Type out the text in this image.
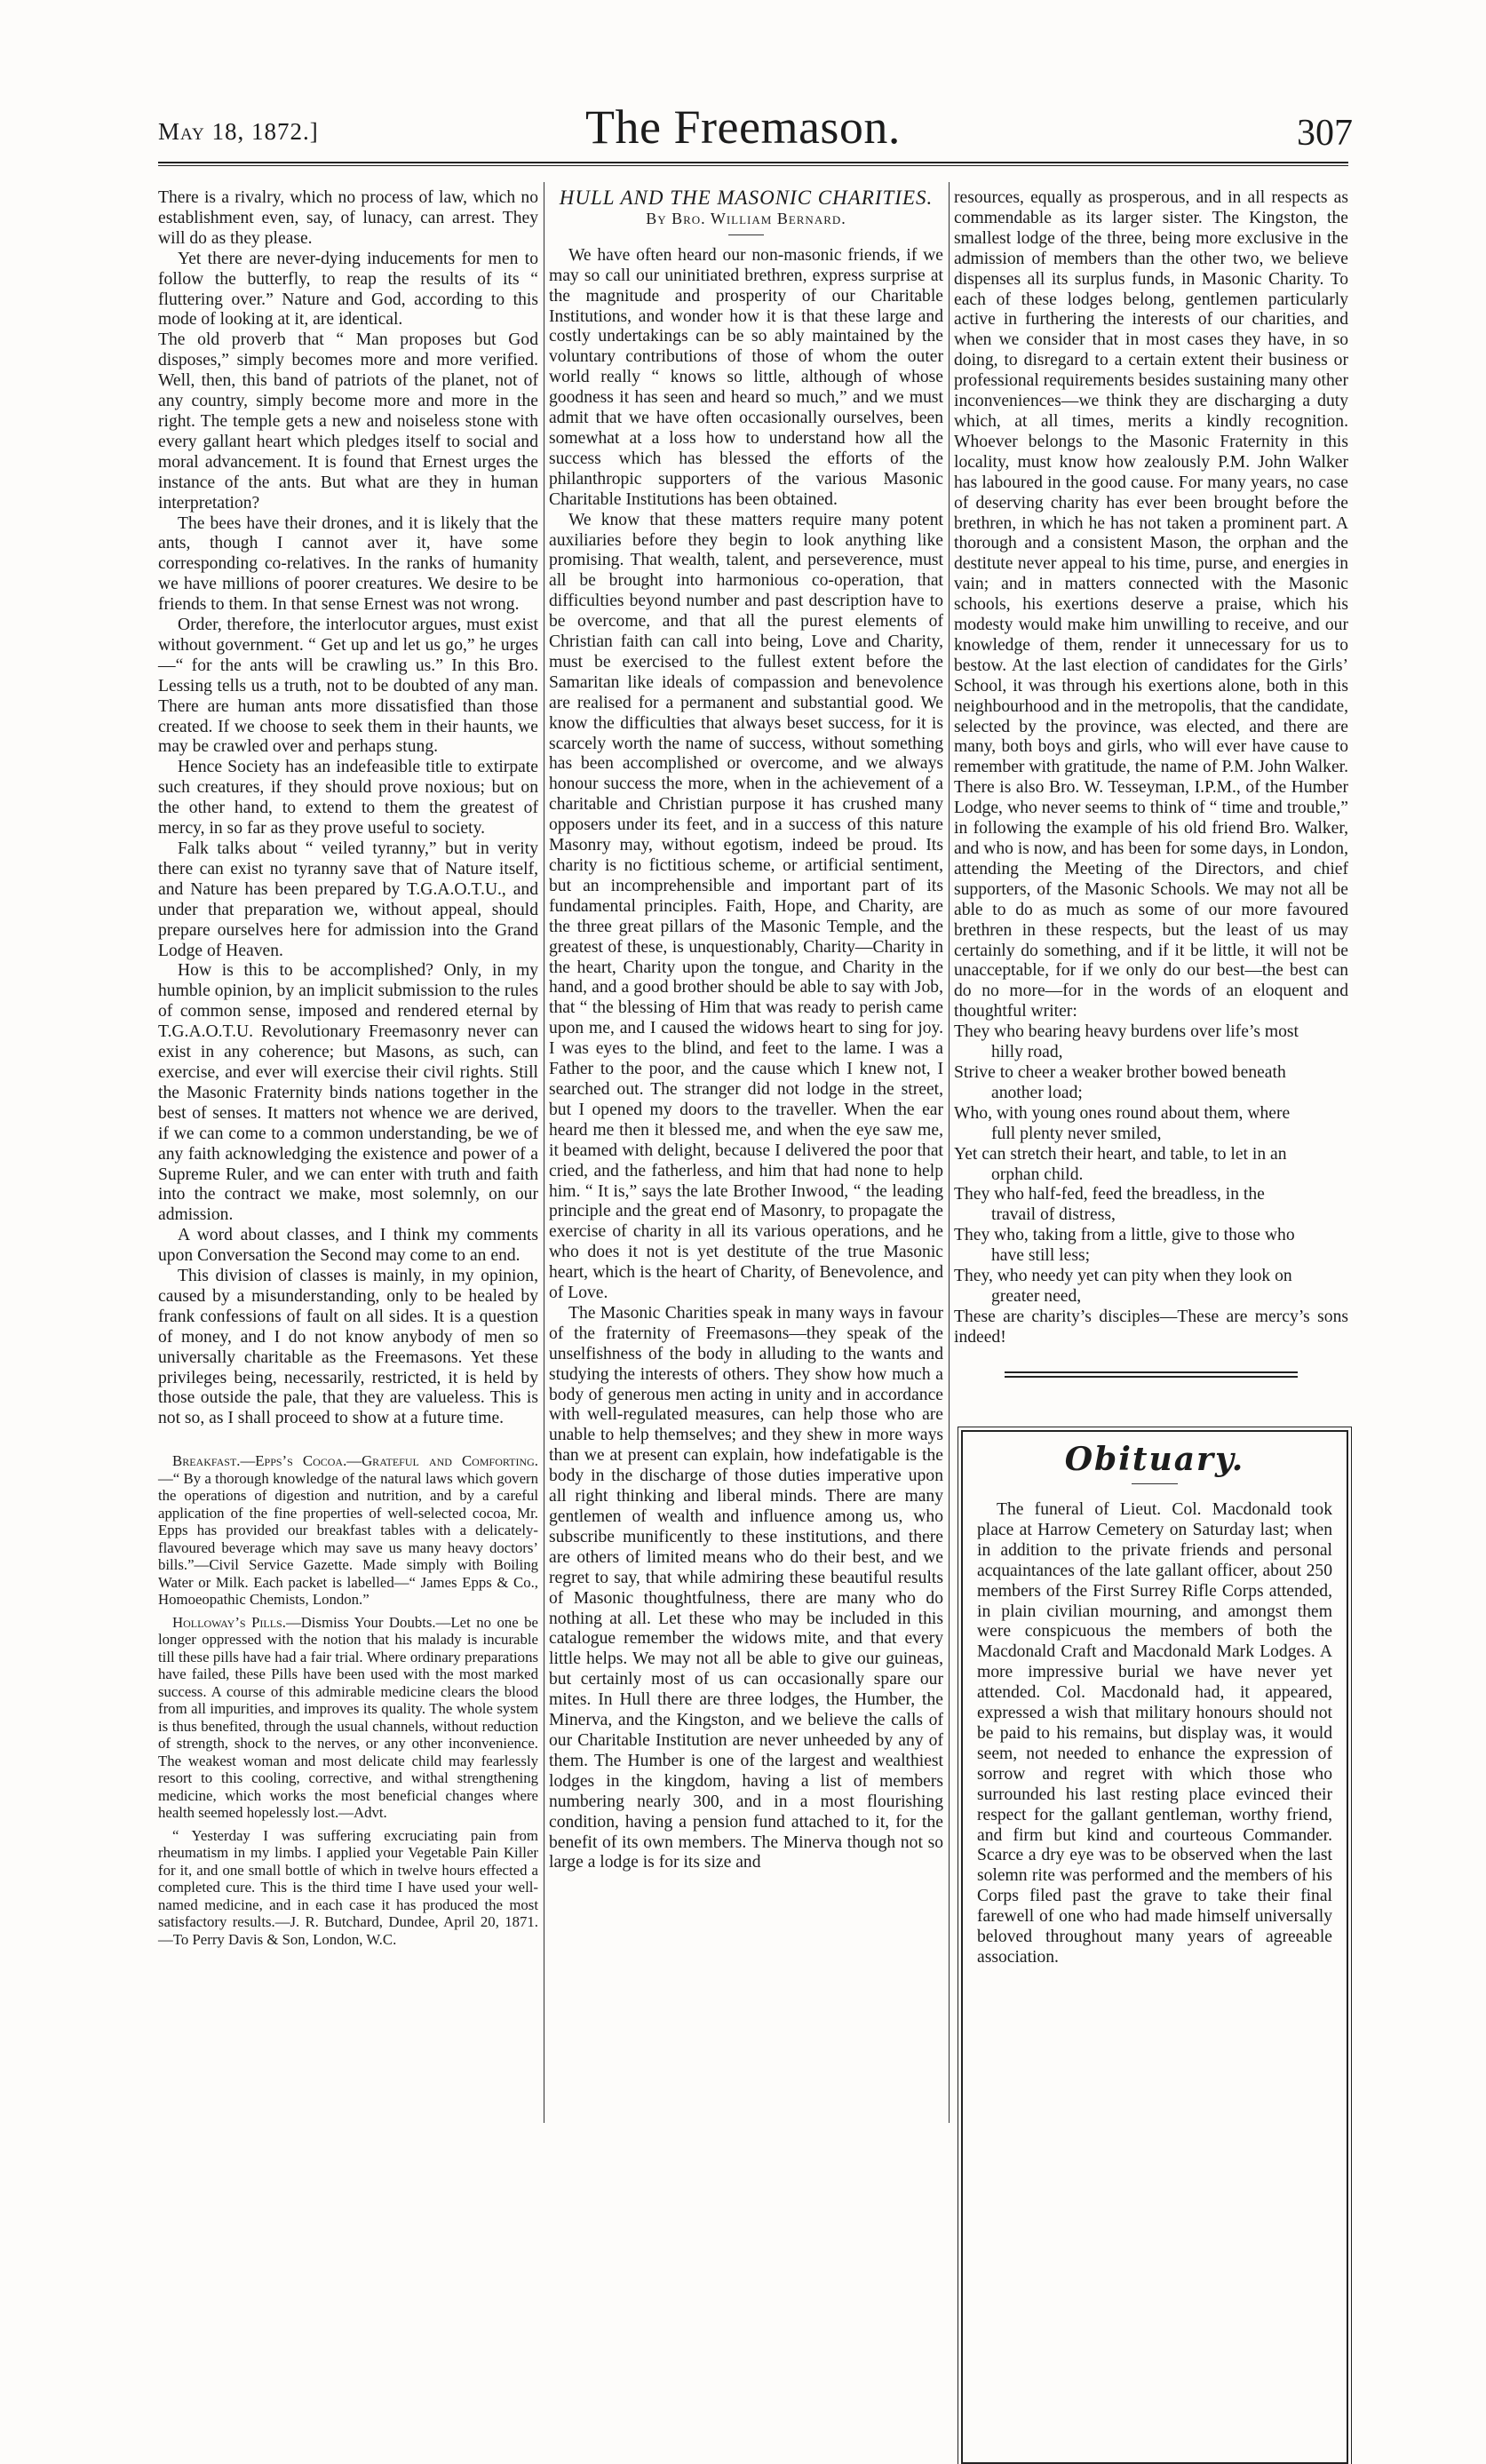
May 18, 1872.]	The Freemason.	307

There is a rivalry, which no process of law, which no establishment even, say, of lunacy, can arrest. They will do as they please.

Yet there are never-dying inducements for men to follow the butterfly, to reap the results of its “ fluttering over.” Nature and God, according to this mode of looking at it, are identical.

The old proverb that “ Man proposes but God disposes,” simply becomes more and more verified. Well, then, this band of patriots of the planet, not of any country, simply become more and more in the right. The temple gets a new and noiseless stone with every gallant heart which pledges itself to social and moral advancement. It is found that Ernest urges the instance of the ants. But what are they in human interpretation?

The bees have their drones, and it is likely that the ants, though I cannot aver it, have some corresponding co-relatives. In the ranks of humanity we have millions of poorer creatures. We desire to be friends to them. In that sense Ernest was not wrong.

Order, therefore, the interlocutor argues, must exist without government. “ Get up and let us go,” he urges—“ for the ants will be crawling us.” In this Bro. Lessing tells us a truth, not to be doubted of any man. There are human ants more dissatisfied than those created. If we choose to seek them in their haunts, we may be crawled over and perhaps stung.

Hence Society has an indefeasible title to extirpate such creatures, if they should prove noxious; but on the other hand, to extend to them the greatest of mercy, in so far as they prove useful to society.

Falk talks about “ veiled tyranny,” but in verity there can exist no tyranny save that of Nature itself, and Nature has been prepared by T.G.A.O.T.U., and under that preparation we, without appeal, should prepare ourselves here for admission into the Grand Lodge of Heaven.

How is this to be accomplished? Only, in my humble opinion, by an implicit submission to the rules of common sense, imposed and rendered eternal by T.G.A.O.T.U. Revolutionary Freemasonry never can exist in any coherence; but Masons, as such, can exercise, and ever will exercise their civil rights. Still the Masonic Fraternity binds nations together in the best of senses. It matters not whence we are derived, if we can come to a common understanding, be we of any faith acknowledging the existence and power of a Supreme Ruler, and we can enter with truth and faith into the contract we make, most solemnly, on our admission.

A word about classes, and I think my comments upon Conversation the Second may come to an end.

This division of classes is mainly, in my opinion, caused by a misunderstanding, only to be healed by frank confessions of fault on all sides. It is a question of money, and I do not know anybody of men so universally charitable as the Freemasons. Yet these privileges being, necessarily, restricted, it is held by those outside the pale, that they are valueless. This is not so, as I shall proceed to show at a future time.

Breakfast.—Epps’s Cocoa.—Grateful and Comforting.—“ By a thorough knowledge of the natural laws which govern the operations of digestion and nutrition, and by a careful application of the fine properties of well-selected cocoa, Mr. Epps has provided our breakfast tables with a delicately-flavoured beverage which may save us many heavy doctors’ bills.”—Civil Service Gazette. Made simply with Boiling Water or Milk. Each packet is labelled—“ James Epps & Co., Homoeopathic Chemists, London.”

Holloway’s Pills.—Dismiss Your Doubts.—Let no one be longer oppressed with the notion that his malady is incurable till these pills have had a fair trial. Where ordinary preparations have failed, these Pills have been used with the most marked success. A course of this admirable medicine clears the blood from all impurities, and improves its quality. The whole system is thus benefited, through the usual channels, without reduction of strength, shock to the nerves, or any other inconvenience. The weakest woman and most delicate child may fearlessly resort to this cooling, corrective, and withal strengthening medicine, which works the most beneficial changes where health seemed hopelessly lost.—Advt.

“ Yesterday I was suffering excruciating pain from rheumatism in my limbs. I applied your Vegetable Pain Killer for it, and one small bottle of which in twelve hours effected a completed cure. This is the third time I have used your well-named medicine, and in each case it has produced the most satisfactory results.—J. R. Butchard, Dundee, April 20, 1871.—To Perry Davis & Son, London, W.C.

HULL AND THE MASONIC CHARITIES.
By Bro. William Bernard.

We have often heard our non-masonic friends, if we may so call our uninitiated brethren, express surprise at the magnitude and prosperity of our Charitable Institutions, and wonder how it is that these large and costly undertakings can be so ably maintained by the voluntary contributions of those of whom the outer world really “ knows so little, although of whose goodness it has seen and heard so much,” and we must admit that we have often occasionally ourselves, been somewhat at a loss how to understand how all the success which has blessed the efforts of the philanthropic supporters of the various Masonic Charitable Institutions has been obtained.

We know that these matters require many potent auxiliaries before they begin to look anything like promising. That wealth, talent, and perseverence, must all be brought into harmonious co-operation, that difficulties beyond number and past description have to be overcome, and that all the purest elements of Christian faith can call into being, Love and Charity, must be exercised to the fullest extent before the Samaritan like ideals of compassion and benevolence are realised for a permanent and substantial good. We know the difficulties that always beset success, for it is scarcely worth the name of success, without something has been accomplished or overcome, and we always honour success the more, when in the achievement of a charitable and Christian purpose it has crushed many opposers under its feet, and in a success of this nature Masonry may, without egotism, indeed be proud. Its charity is no fictitious scheme, or artificial sentiment, but an incomprehensible and important part of its fundamental principles. Faith, Hope, and Charity, are the three great pillars of the Masonic Temple, and the greatest of these, is unquestionably, Charity—Charity in the heart, Charity upon the tongue, and Charity in the hand, and a good brother should be able to say with Job, that “ the blessing of Him that was ready to perish came upon me, and I caused the widows heart to sing for joy. I was eyes to the blind, and feet to the lame. I was a Father to the poor, and the cause which I knew not, I searched out. The stranger did not lodge in the street, but I opened my doors to the traveller. When the ear heard me then it blessed me, and when the eye saw me, it beamed with delight, because I delivered the poor that cried, and the fatherless, and him that had none to help him. “ It is,” says the late Brother Inwood, “ the leading principle and the great end of Masonry, to propagate the exercise of charity in all its various operations, and he who does it not is yet destitute of the true Masonic heart, which is the heart of Charity, of Benevolence, and of Love.

The Masonic Charities speak in many ways in favour of the fraternity of Freemasons—they speak of the unselfishness of the body in alluding to the wants and studying the interests of others. They show how much a body of generous men acting in unity and in accordance with well-regulated measures, can help those who are unable to help themselves; and they shew in more ways than we at present can explain, how indefatigable is the body in the discharge of those duties imperative upon all right thinking and liberal minds. There are many gentlemen of wealth and influence among us, who subscribe munificently to these institutions, and there are others of limited means who do their best, and we regret to say, that while admiring these beautiful results of Masonic thoughtfulness, there are many who do nothing at all. Let these who may be included in this catalogue remember the widows mite, and that every little helps. We may not all be able to give our guineas, but certainly most of us can occasionally spare our mites. In Hull there are three lodges, the Humber, the Minerva, and the Kingston, and we believe the calls of our Charitable Institution are never unheeded by any of them. The Humber is one of the largest and wealthiest lodges in the kingdom, having a list of members numbering nearly 300, and in a most flourishing condition, having a pension fund attached to it, for the benefit of its own members. The Minerva though not so large a lodge is for its size and

resources, equally as prosperous, and in all respects as commendable as its larger sister. The Kingston, the smallest lodge of the three, being more exclusive in the admission of members than the other two, we believe dispenses all its surplus funds, in Masonic Charity. To each of these lodges belong, gentlemen particularly active in furthering the interests of our charities, and when we consider that in most cases they have, in so doing, to disregard to a certain extent their business or professional requirements besides sustaining many other inconveniences—we think they are discharging a duty which, at all times, merits a kindly recognition. Whoever belongs to the Masonic Fraternity in this locality, must know how zealously P.M. John Walker has laboured in the good cause. For many years, no case of deserving charity has ever been brought before the brethren, in which he has not taken a prominent part. A thorough and a consistent Mason, the orphan and the destitute never appeal to his time, purse, and energies in vain; and in matters connected with the Masonic schools, his exertions deserve a praise, which his modesty would make him unwilling to receive, and our knowledge of them, render it unnecessary for us to bestow. At the last election of candidates for the Girls’ School, it was through his exertions alone, both in this neighbourhood and in the metropolis, that the candidate, selected by the province, was elected, and there are many, both boys and girls, who will ever have cause to remember with gratitude, the name of P.M. John Walker. There is also Bro. W. Tesseyman, I.P.M., of the Humber Lodge, who never seems to think of “ time and trouble,” in following the example of his old friend Bro. Walker, and who is now, and has been for some days, in London, attending the Meeting of the Directors, and chief supporters, of the Masonic Schools. We may not all be able to do as much as some of our more favoured brethren in these respects, but the least of us may certainly do something, and if it be little, it will not be unacceptable, for if we only do our best—the best can do no more—for in the words of an eloquent and thoughtful writer:

They who bearing heavy burdens over life’s most
hilly road,
Strive to cheer a weaker brother bowed beneath
another load;
Who, with young ones round about them, where
full plenty never smiled,
Yet can stretch their heart, and table, to let in an
orphan child.
They who half-fed, feed the breadless, in the
travail of distress,
They who, taking from a little, give to those who
have still less;
They, who needy yet can pity when they look on
greater need,
These are charity’s disciples—These are mercy’s sons indeed!
Obituary.

The funeral of Lieut. Col. Macdonald took place at Harrow Cemetery on Saturday last; when in addition to the private friends and personal acquaintances of the late gallant officer, about 250 members of the First Surrey Rifle Corps attended, in plain civilian mourning, and amongst them were conspicuous the members of both the Macdonald Craft and Macdonald Mark Lodges. A more impressive burial we have never yet attended. Col. Macdonald had, it appeared, expressed a wish that military honours should not be paid to his remains, but display was, it would seem, not needed to enhance the expression of sorrow and regret with which those who surrounded his last resting place evinced their respect for the gallant gentleman, worthy friend, and firm but kind and courteous Commander. Scarce a dry eye was to be observed when the last solemn rite was performed and the members of his Corps filed past the grave to take their final farewell of one who had made himself universally beloved throughout many years of agreeable association.
